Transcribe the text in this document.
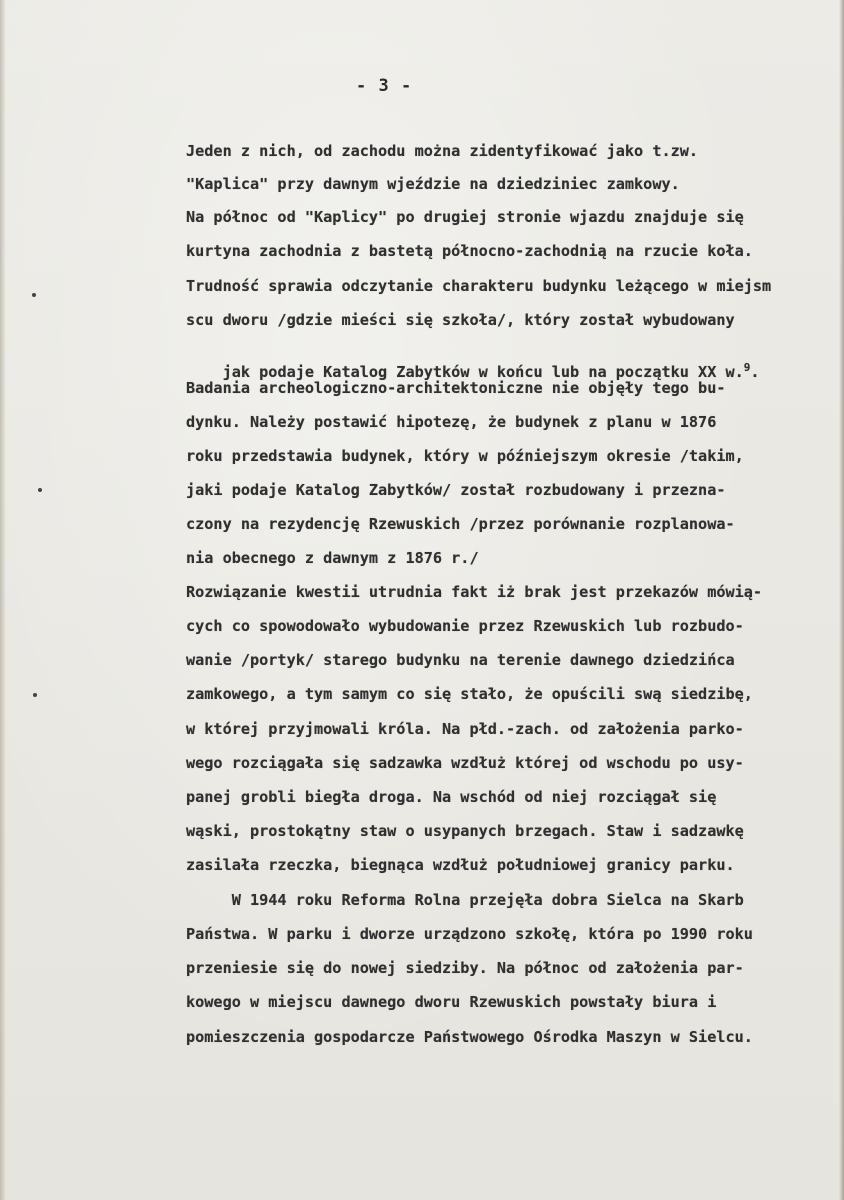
- 3 -
Jeden z nich, od zachodu można zidentyfikować jako t.zw.
"Kaplica" przy dawnym wjeździe na dziedziniec zamkowy.
Na północ od "Kaplicy" po drugiej stronie wjazdu znajduje się
kurtyna zachodnia z bastetą północno-zachodnią na rzucie koła.
Trudność sprawia odczytanie charakteru budynku leżącego w miejsm
scu dworu /gdzie mieści się szkoła/, który został wybudowany

jak podaje Katalog Zabytków w końcu lub na początku XX w.$^9$.

Badania archeologiczno-architektoniczne nie objęły tego bu-
dynku. Należy postawić hipotezę, że budynek z planu w 1876
roku przedstawia budynek, który w późniejszym okresie /takim,
jaki podaje Katalog Zabytków/ został rozbudowany i przezna-
czony na rezydencję Rzewuskich /przez porównanie rozplanowa-
nia obecnego z dawnym z 1876 r./
Rozwiązanie kwestii utrudnia fakt iż brak jest przekazów mówią-
cych co spowodowało wybudowanie przez Rzewuskich lub rozbudo-
wanie /portyk/ starego budynku na terenie dawnego dziedzińca
zamkowego, a tym samym co się stało, że opuścili swą siedzibę,
w której przyjmowali króla. Na płd.-zach. od założenia parko-
wego rozciągała się sadzawka wzdłuż której od wschodu po usy-
panej grobli biegła droga. Na wschód od niej rozciągał się
wąski, prostokątny staw o usypanych brzegach. Staw i sadzawkę
zasilała rzeczka, biegnąca wzdłuż południowej granicy parku.
W 1944 roku Reforma Rolna przejęła dobra Sielca na Skarb
Państwa. W parku i dworze urządzono szkołę, która po 1990 roku
przeniesie się do nowej siedziby. Na północ od założenia par-
kowego w miejscu dawnego dworu Rzewuskich powstały biura i
pomieszczenia gospodarcze Państwowego Ośrodka Maszyn w Sielcu.
